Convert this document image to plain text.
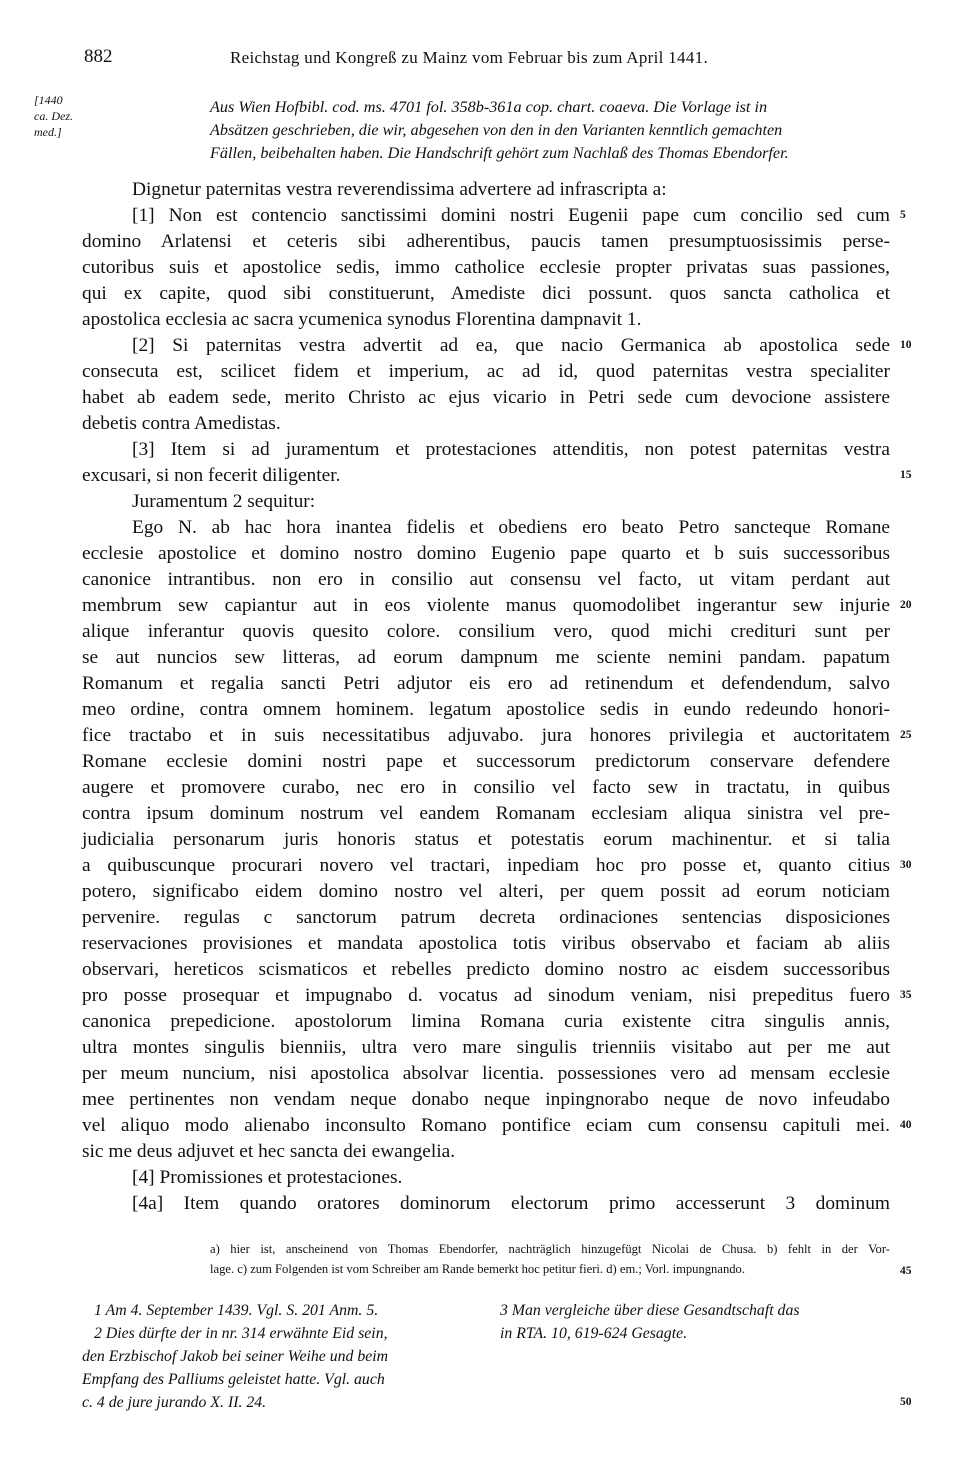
882	Reichstag und Kongreß zu Mainz vom Februar bis zum April 1441.
[1440
ca. Dez.
med.]
Aus Wien Hofbibl. cod. ms. 4701 fol. 358b-361a cop. chart. coaeva. Die Vorlage ist in
Absätzen geschrieben, die wir, abgesehen von den in den Varianten kenntlich gemachten
Fällen, beibehalten haben. Die Handschrift gehört zum Nachlaß des Thomas Ebendorfer.
Dignetur paternitas vestra reverendissima advertere ad infrascripta a:
[1] Non est contencio sanctissimi domini nostri Eugenii pape cum concilio sed cum 5
domino Arlatensi et ceteris sibi adherentibus, paucis tamen presumptuosissimis perse-
cutoribus suis et apostolice sedis, immo catholice ecclesie propter privatas suas passiones,
qui ex capite, quod sibi constituerunt, Amediste dici possunt. quos sancta catholica et
apostolica ecclesia ac sacra ycumenica synodus Florentina dampnavit 1.
[2] Si paternitas vestra advertit ad ea, que nacio Germanica ab apostolica sede 10
consecuta est, scilicet fidem et imperium, ac ad id, quod paternitas vestra specialiter
habet ab eadem sede, merito Christo ac ejus vicario in Petri sede cum devocione assistere
debetis contra Amedistas.
[3] Item si ad juramentum et protestaciones attenditis, non potest paternitas vestra
excusari, si non fecerit diligenter.	15
Juramentum 2 sequitur:
Ego N. ab hac hora inantea fidelis et obediens ero beato Petro sancteque Romane
ecclesie apostolice et domino nostro domino Eugenio pape quarto et b suis successoribus
canonice intrantibus. non ero in consilio aut consensu vel facto, ut vitam perdant aut
membrum sew capiantur aut in eos violente manus quomodolibet ingerantur sew injurie 20
alique inferantur quovis quesito colore. consilium vero, quod michi credituri sunt per
se aut nuncios sew litteras, ad eorum dampnum me sciente nemini pandam. papatum
Romanum et regalia sancti Petri adjutor eis ero ad retinendum et defendendum, salvo
meo ordine, contra omnem hominem. legatum apostolice sedis in eundo redeundo honori-
fice tractabo et in suis necessitatibus adjuvabo. jura honores privilegia et auctoritatem 25
Romane ecclesie domini nostri pape et successorum predictorum conservare defendere
augere et promovere curabo, nec ero in consilio vel facto sew in tractatu, in quibus
contra ipsum dominum nostrum vel eandem Romanam ecclesiam aliqua sinistra vel pre-
judicialia personarum juris honoris status et potestatis eorum machinentur. et si talia
a quibuscunque procurari novero vel tractari, inpediam hoc pro posse et, quanto citius 30
potero, significabo eidem domino nostro vel alteri, per quem possit ad eorum noticiam
pervenire. regulas c sanctorum patrum decreta ordinaciones sentencias disposiciones
reservaciones provisiones et mandata apostolica totis viribus observabo et faciam ab aliis
observari, hereticos scismaticos et rebelles predicto domino nostro ac eisdem successoribus
pro posse prosequar et impugnabo d. vocatus ad sinodum veniam, nisi prepeditus fuero 35
canonica prepedicione. apostolorum limina Romana curia existente citra singulis annis,
ultra montes singulis bienniis, ultra vero mare singulis trienniis visitabo aut per me aut
per meum nuncium, nisi apostolica absolvar licentia. possessiones vero ad mensam ecclesie
mee pertinentes non vendam neque donabo neque inpingnorabo neque de novo infeudabo
vel aliquo modo alienabo inconsulto Romano pontifice eciam cum consensu capituli mei. 40
sic me deus adjuvet et hec sancta dei ewangelia.
[4] Promissiones et protestaciones.
[4a] Item quando oratores dominorum electorum primo accesserunt 3 dominum
a) hier ist, anscheinend von Thomas Ebendorfer, nachträglich hinzugefügt Nicolai de Chusa. b) fehlt in der Vor-
lage. c) zum Folgenden ist vom Schreiber am Rande bemerkt hoc petitur fieri. d) em.; Vorl. impungnando.	45
1 Am 4. September 1439. Vgl. S. 201 Anm. 5.
2 Dies dürfte der in nr. 314 erwähnte Eid sein,
den Erzbischof Jakob bei seiner Weihe und beim
Empfang des Palliums geleistet hatte. Vgl. auch
c. 4 de jure jurando X. II. 24.
3 Man vergleiche über diese Gesandtschaft das
in RTA. 10, 619-624 Gesagte.
50
